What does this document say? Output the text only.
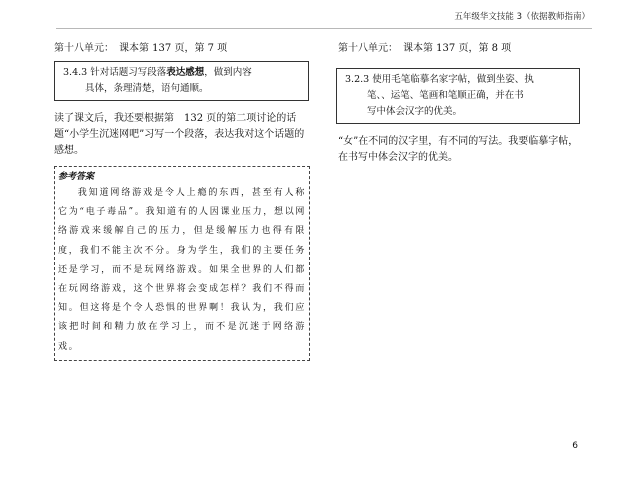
五年级华文技能 3（依据教师指南）
第十八单元：　课本第 137 页，第 7 项
3.4.3 针对话题习写段落表达感想，做到内容
具体，条理清楚，语句通顺。
读了课文后，我还要根据第　132 页的第二项讨论的话题“小学生沉迷网吧”习写一个段落，表达我对这个话题的感想。
参考答案
我知道网络游戏是令人上瘾的东西，甚至有人称它为“电子毒品”。我知道有的人因课业压力，想以网络游戏来缓解自己的压力，但是缓解压力也得有限度，我们不能主次不分。身为学生，我们的主要任务还是学习，而不是玩网络游戏。如果全世界的人们都在玩网络游戏，这个世界将会变成怎样？我们不得而知。但这将是个令人恐惧的世界啊！我认为，我们应该把时间和精力放在学习上，而不是沉迷于网络游戏。
第十八单元：　课本第 137 页，第 8 项
3.2.3 使用毛笔临摹名家字帖，做到坐姿、执
笔、、运笔、笔画和笔顺正确，并在书
写中体会汉字的优美。
“女”在不同的汉字里，有不同的写法。我要临摹字帖，在书写中体会汉字的优美。
6
